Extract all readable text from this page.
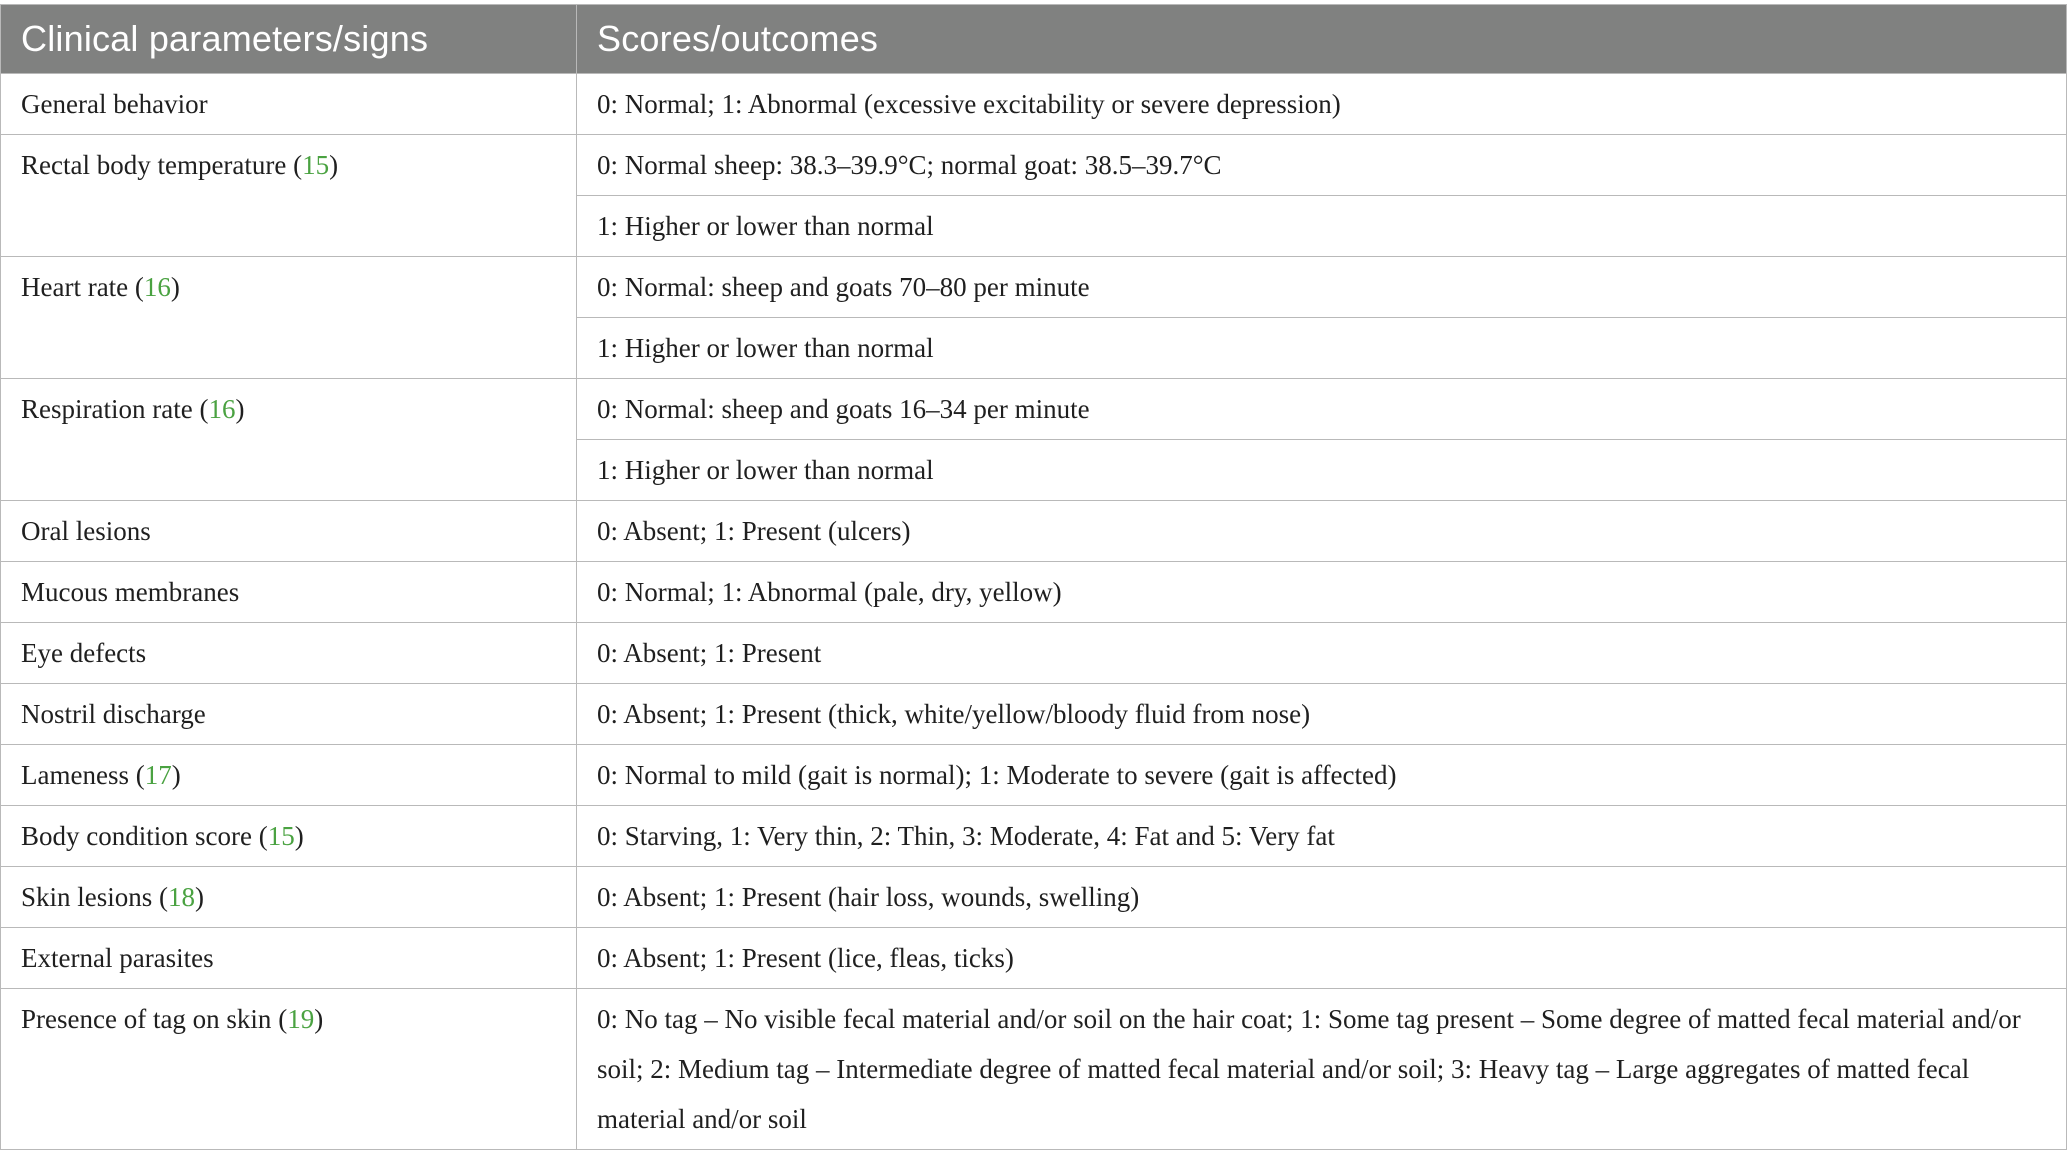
Clinical parameters/signs	Scores/outcomes
General behavior	0: Normal; 1: Abnormal (excessive excitability or severe depression)
Rectal body temperature (15)	0: Normal sheep: 38.3–39.9°C; normal goat: 38.5–39.7°C
	1: Higher or lower than normal
Heart rate (16)	0: Normal: sheep and goats 70–80 per minute
	1: Higher or lower than normal
Respiration rate (16)	0: Normal: sheep and goats 16–34 per minute
	1: Higher or lower than normal
Oral lesions	0: Absent; 1: Present (ulcers)
Mucous membranes	0: Normal; 1: Abnormal (pale, dry, yellow)
Eye defects	0: Absent; 1: Present
Nostril discharge	0: Absent; 1: Present (thick, white/yellow/bloody fluid from nose)
Lameness (17)	0: Normal to mild (gait is normal); 1: Moderate to severe (gait is affected)
Body condition score (15)	0: Starving, 1: Very thin, 2: Thin, 3: Moderate, 4: Fat and 5: Very fat
Skin lesions (18)	0: Absent; 1: Present (hair loss, wounds, swelling)
External parasites	0: Absent; 1: Present (lice, fleas, ticks)
Presence of tag on skin (19)	0: No tag – No visible fecal material and/or soil on the hair coat; 1: Some tag present – Some degree of matted fecal material and/or soil; 2: Medium tag – Intermediate degree of matted fecal material and/or soil; 3: Heavy tag – Large aggregates of matted fecal material and/or soil
